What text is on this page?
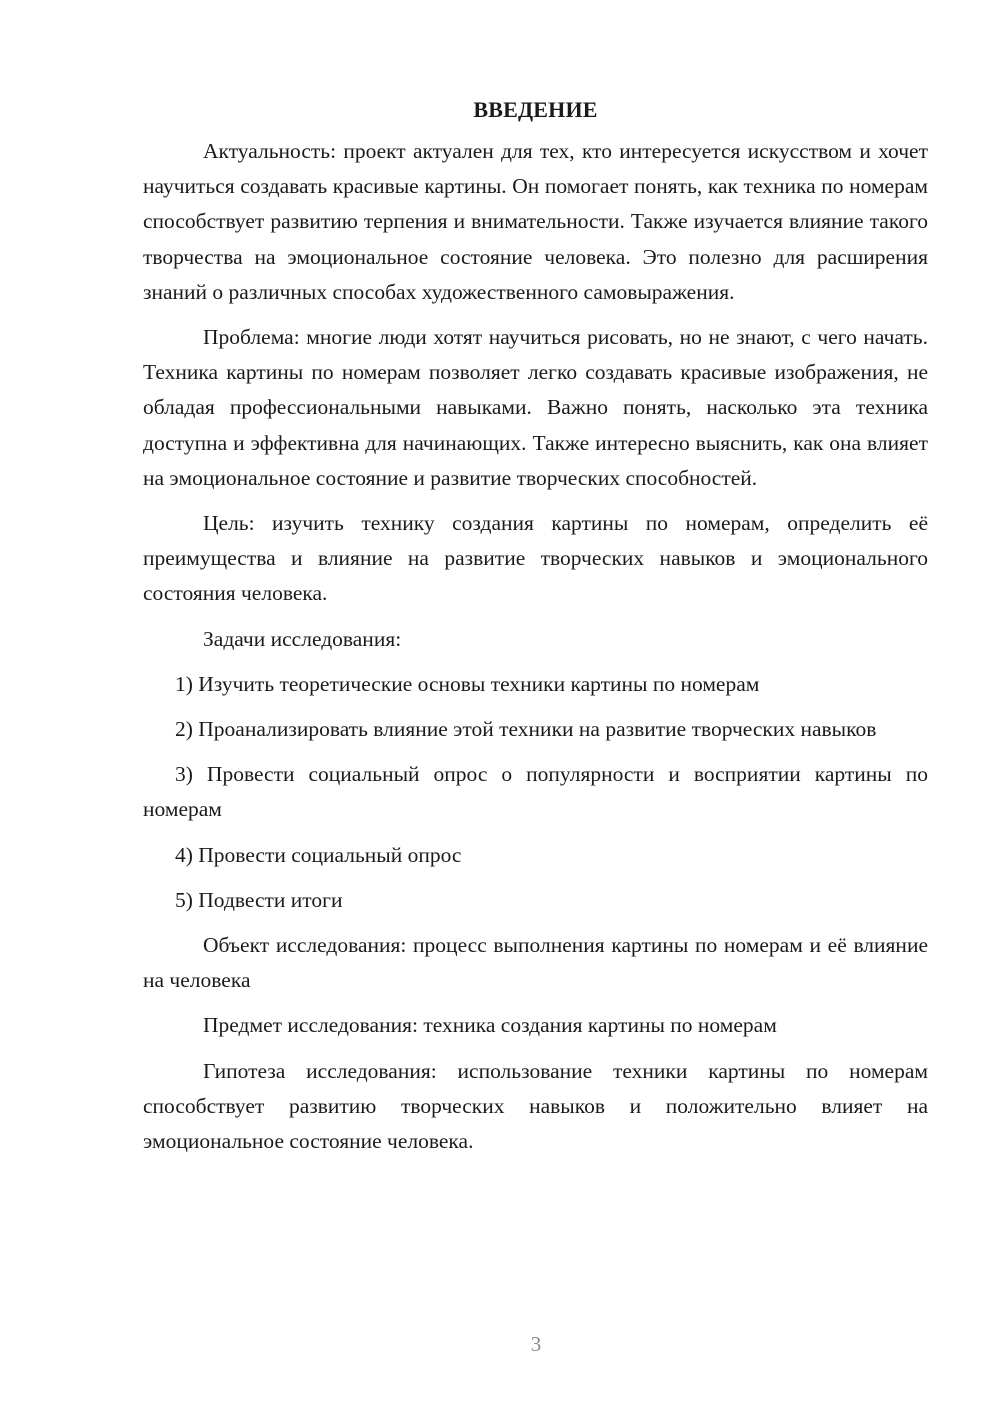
ВВЕДЕНИЕ

Актуальность: проект актуален для тех, кто интересуется искусством и хочет научиться создавать красивые картины. Он помогает понять, как техника по номерам способствует развитию терпения и внимательности. Также изучается влияние такого творчества на эмоциональное состояние человека. Это полезно для расширения знаний о различных способах художественного самовыражения.

Проблема: многие люди хотят научиться рисовать, но не знают, с чего начать. Техника картины по номерам позволяет легко создавать красивые изображения, не обладая профессиональными навыками. Важно понять, насколько эта техника доступна и эффективна для начинающих. Также интересно выяснить, как она влияет на эмоциональное состояние и развитие творческих способностей.

Цель: изучить технику создания картины по номерам, определить её преимущества и влияние на развитие творческих навыков и эмоционального состояния человека.

Задачи исследования:

1) Изучить теоретические основы техники картины по номерам

2) Проанализировать влияние этой техники на развитие творческих навыков

3) Провести социальный опрос о популярности и восприятии картины по номерам

4) Провести социальный опрос

5) Подвести итоги

Объект исследования: процесс выполнения картины по номерам и её влияние на человека

Предмет исследования: техника создания картины по номерам

Гипотеза исследования: использование техники картины по номерам способствует развитию творческих навыков и положительно влияет на эмоциональное состояние человека.

3
